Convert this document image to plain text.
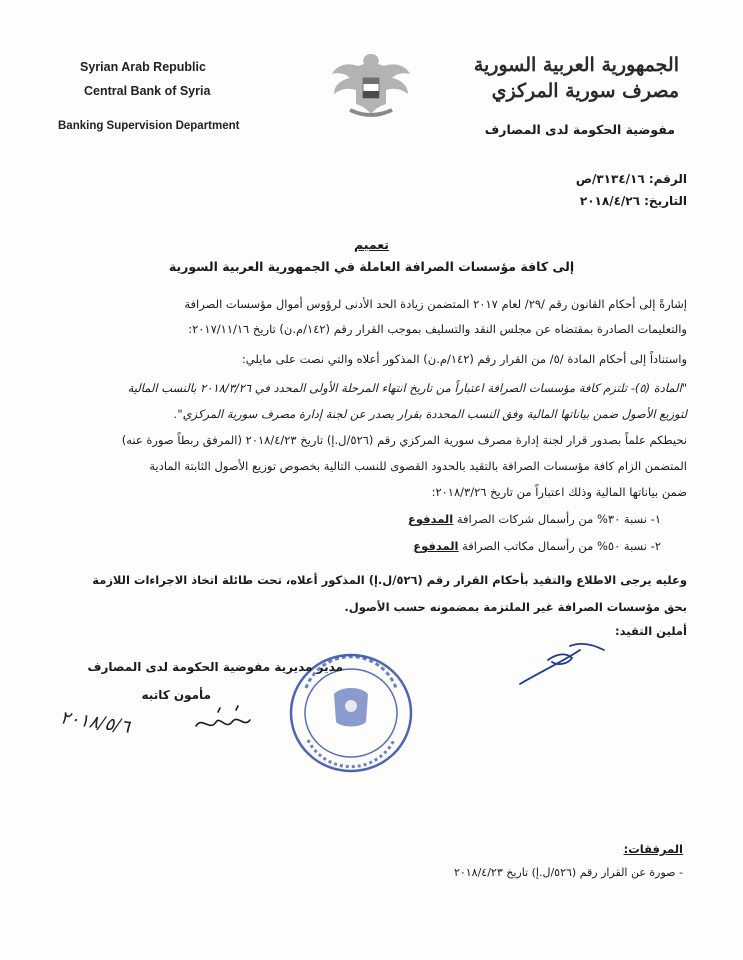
Syrian Arab Republic
Central Bank of Syria
Banking Supervision Department
الجمهورية العربية السورية
مصرف سورية المركزي
مفوضية الحكومة لدى المصارف
الرقم: ٣١٣٤/١٦/ص
التاريخ: ٢٠١٨/٤/٢٦
تعميم
إلى كافة مؤسسات الصرافة العاملة في الجمهورية العربية السورية
إشارةً إلى أحكام القانون رقم /٢٩/ لعام ٢٠١٧ المتضمن زيادة الحد الأدنى لرؤوس أموال مؤسسات الصرافة
والتعليمات الصادرة بمقتضاه عن مجلس النقد والتسليف بموجب القرار رقم (١٤٢/م.ن) تاريخ ٢٠١٧/١١/١٦:
واستناداً إلى أحكام المادة /٥/ من القرار رقم (١٤٢/م.ن) المذكور أعلاه والتي نصت على مايلي:
"المادة (٥)- تلتزم كافة مؤسسات الصرافة اعتباراً من تاريخ انتهاء المرحلة الأولى المحدد في ٢٠١٨/٣/٢٦ بالنسب المالية
لتوزيع الأصول ضمن بياناتها المالية وفق النسب المحددة بقرار يصدر عن لجنة إدارة مصرف سورية المركزي".
نحيطكم علماً بصدور قرار لجنة إدارة مصرف سورية المركزي رقم (٥٢٦/ل.إ) تاريخ ٢٠١٨/٤/٢٣ (المرفق ربطاً صورة عنه)
المتضمن الزام كافة مؤسسات الصرافة بالتقيد بالحدود القصوى للنسب التالية بخصوص توزيع الأصول الثابتة المادية
ضمن بياناتها المالية وذلك اعتباراً من تاريخ ٢٠١٨/٣/٢٦:
١- نسبة ٣٠% من رأسمال شركات الصرافة المدفوع
٢- نسبة ٥٠% من رأسمال مكاتب الصرافة المدفوع
وعليه يرجى الاطلاع والتقيد بأحكام القرار رقم (٥٢٦/ل.إ) المذكور أعلاه، تحت طائلة اتخاذ الاجراءات اللازمة
بحق مؤسسات الصرافة غير الملتزمة بمضمونه حسب الأصول.
أملين التقيد:
مدير مديرية مفوضية الحكومة لدى المصارف
مأمون كاتبه
٢٠١٨/٥/٦
المرفقات:
- صورة عن القرار رقم (٥٢٦/ل.إ) تاريخ ٢٠١٨/٤/٢٣
